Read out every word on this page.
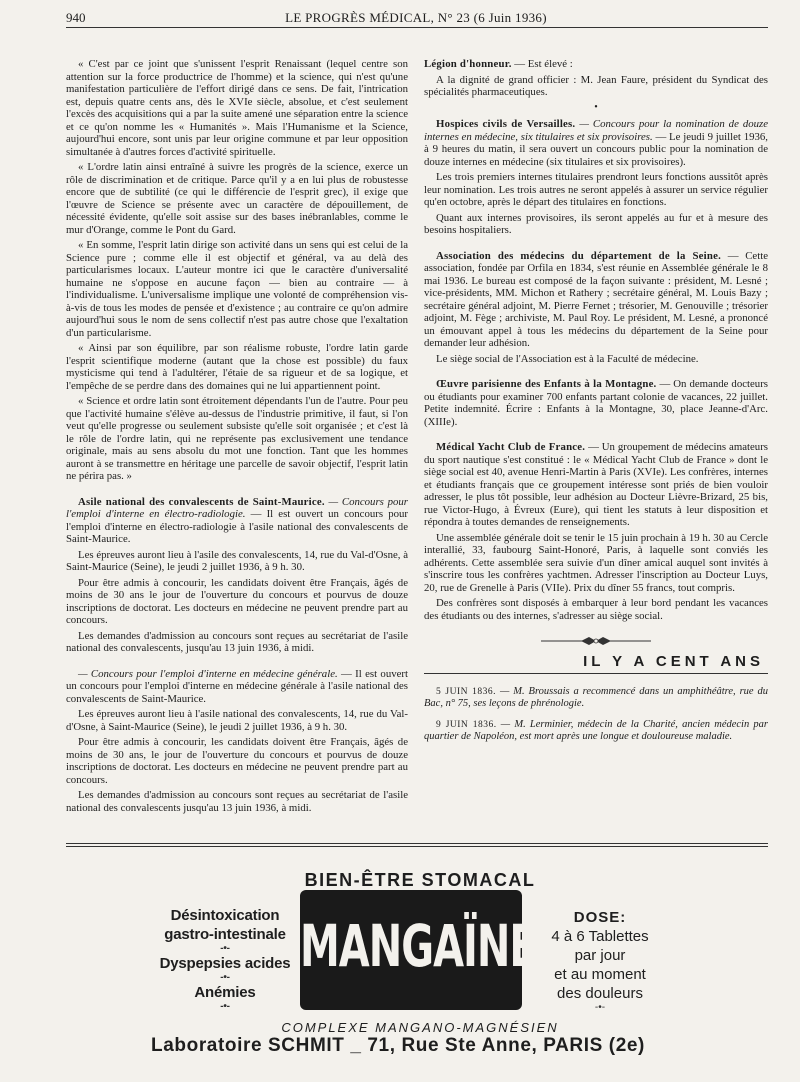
940	LE PROGRÈS MÉDICAL, N° 23 (6 Juin 1936)

« C'est par ce joint que s'unissent l'esprit Renaissant (lequel centre son attention sur la force productrice de l'homme) et la science, qui n'est qu'une manifestation particulière de l'effort dirigé dans ce sens. De fait, l'intrication est, depuis quatre cents ans, dès le XVIe siècle, absolue, et c'est seulement l'excès des acquisitions qui a par la suite amené une séparation entre la science et ce qu'on nomme les « Humanités ». Mais l'Humanisme et la Science, aujourd'hui encore, sont unis par leur origine commune et par leur opposition simultanée à d'autres forces d'activité spirituelle.

« L'ordre latin ainsi entraîné à suivre les progrès de la science, exerce un rôle de discrimination et de critique. Parce qu'il y a en lui plus de robustesse encore que de subtilité (ce qui le différencie de l'esprit grec), il exige que l'œuvre de Science se présente avec un caractère de dépouillement, de nécessité évidente, qu'elle soit assise sur des bases inébranlables, comme le mur d'Orange, comme le Pont du Gard.

« En somme, l'esprit latin dirige son activité dans un sens qui est celui de la Science pure ; comme elle il est objectif et général, va au delà des particularismes locaux. L'auteur montre ici que le caractère d'universalité humaine ne s'oppose en aucune façon — bien au contraire — à l'individualisme. L'universalisme implique une volonté de compréhension vis-à-vis de tous les modes de pensée et d'existence ; au contraire ce qu'on admire aujourd'hui sous le nom de sens collectif n'est pas autre chose que l'exaltation d'un particularisme.

« Ainsi par son équilibre, par son réalisme robuste, l'ordre latin garde l'esprit scientifique moderne (autant que la chose est possible) du faux mysticisme qui tend à l'adultérer, l'étaie de sa rigueur et de sa logique, et l'empêche de se perdre dans des domaines qui ne lui appartiennent point.

« Science et ordre latin sont étroitement dépendants l'un de l'autre. Pour peu que l'activité humaine s'élève au-dessus de l'industrie primitive, il faut, si l'on veut qu'elle progresse ou seulement subsiste qu'elle soit organisée ; et c'est là le rôle de l'ordre latin, qui ne représente pas exclusivement une tendance originale, mais au sens absolu du mot une fonction. Tant que les hommes auront à se transmettre en héritage une parcelle de savoir objectif, l'esprit latin ne périra pas. »

Asile national des convalescents de Saint-Maurice. — Concours pour l'emploi d'interne en électro-radiologie. — Il est ouvert un concours pour l'emploi d'interne en électro-radiologie à l'asile national des convalescents de Saint-Maurice.

Les épreuves auront lieu à l'asile des convalescents, 14, rue du Val-d'Osne, à Saint-Maurice (Seine), le jeudi 2 juillet 1936, à 9 h. 30.

Pour être admis à concourir, les candidats doivent être Français, âgés de moins de 30 ans le jour de l'ouverture du concours et pourvus de douze inscriptions de doctorat. Les docteurs en médecine ne peuvent prendre part au concours.

Les demandes d'admission au concours sont reçues au secrétariat de l'asile national des convalescents, jusqu'au 13 juin 1936, à midi.

— Concours pour l'emploi d'interne en médecine générale. — Il est ouvert un concours pour l'emploi d'interne en médecine générale à l'asile national des convalescents de Saint-Maurice.

Les épreuves auront lieu à l'asile national des convalescents, 14, rue du Val-d'Osne, à Saint-Maurice (Seine), le jeudi 2 juillet 1936, à 9 h. 30.

Pour être admis à concourir, les candidats doivent être Français, âgés de moins de 30 ans, le jour de l'ouverture du concours et pourvus de douze inscriptions de doctorat. Les docteurs en médecine ne peuvent prendre part au concours.

Les demandes d'admission au concours sont reçues au secrétariat de l'asile national des convalescents jusqu'au 13 juin 1936, à midi.

Légion d'honneur. — Est élevé :

A la dignité de grand officier : M. Jean Faure, président du Syndicat des spécialités pharmaceutiques.

•

Hospices civils de Versailles. — Concours pour la nomination de douze internes en médecine, six titulaires et six provisoires. — Le jeudi 9 juillet 1936, à 9 heures du matin, il sera ouvert un concours public pour la nomination de douze internes en médecine (six titulaires et six provisoires).

Les trois premiers internes titulaires prendront leurs fonctions aussitôt après leur nomination. Les trois autres ne seront appelés à assurer un service régulier qu'en octobre, après le départ des titulaires en fonctions.

Quant aux internes provisoires, ils seront appelés au fur et à mesure des besoins hospitaliers.

Association des médecins du département de la Seine. — Cette association, fondée par Orfila en 1834, s'est réunie en Assemblée générale le 8 mai 1936. Le bureau est composé de la façon suivante : président, M. Lesné ; vice-présidents, MM. Michon et Rathery ; secrétaire général, M. Louis Bazy ; secrétaire général adjoint, M. Pierre Fernet ; trésorier, M. Genouville ; trésorier adjoint, M. Fège ; archiviste, M. Paul Roy. Le président, M. Lesné, a prononcé un émouvant appel à tous les médecins du département de la Seine pour demander leur adhésion.

Le siège social de l'Association est à la Faculté de médecine.

Œuvre parisienne des Enfants à la Montagne. — On demande docteurs ou étudiants pour examiner 700 enfants partant colonie de vacances, 22 juillet. Petite indemnité. Écrire : Enfants à la Montagne, 30, place Jeanne-d'Arc. (XIIIe).

Médical Yacht Club de France. — Un groupement de médecins amateurs du sport nautique s'est constitué : le « Médical Yacht Club de France » dont le siège social est 40, avenue Henri-Martin à Paris (XVIe). Les confrères, internes et étudiants français que ce groupement intéresse sont priés de bien vouloir adresser, le plus tôt possible, leur adhésion au Docteur Lièvre-Brizard, 25 bis, rue Victor-Hugo, à Évreux (Eure), qui tient les statuts à leur disposition et répondra à toutes demandes de renseignements.

Une assemblée générale doit se tenir le 15 juin prochain à 19 h. 30 au Cercle interallié, 33, faubourg Saint-Honoré, Paris, à laquelle sont conviés les adhérents. Cette assemblée sera suivie d'un dîner amical auquel sont invités à s'inscrire tous les confrères yachtmen. Adresser l'inscription au Docteur Luys, 20, rue de Grenelle à Paris (VIIe). Prix du dîner 55 francs, tout compris.

Des confrères sont disposés à embarquer à leur bord pendant les vacances des étudiants ou des internes, s'adresser au siège social.

IL Y A CENT ANS

5 JUIN 1836. — M. Broussais a recommencé dans un amphithéâtre, rue du Bac, n° 75, ses leçons de phrénologie.

9 JUIN 1836. — M. Lerminier, médecin de la Charité, ancien médecin par quartier de Napoléon, est mort après une longue et douloureuse maladie.

BIEN-ÊTRE STOMACAL
Désintoxication
gastro-intestinale
-•-
Dyspepsies acides
-•-
Anémies
-•-
MANGAÏNE	DOSE:
4 à 6 Tablettes
par jour
et au moment
des douleurs
-•-
COMPLEXE MANGANO-MAGNÉSIEN
Laboratoire SCHMIT _ 71, Rue Ste Anne, PARIS (2e)
